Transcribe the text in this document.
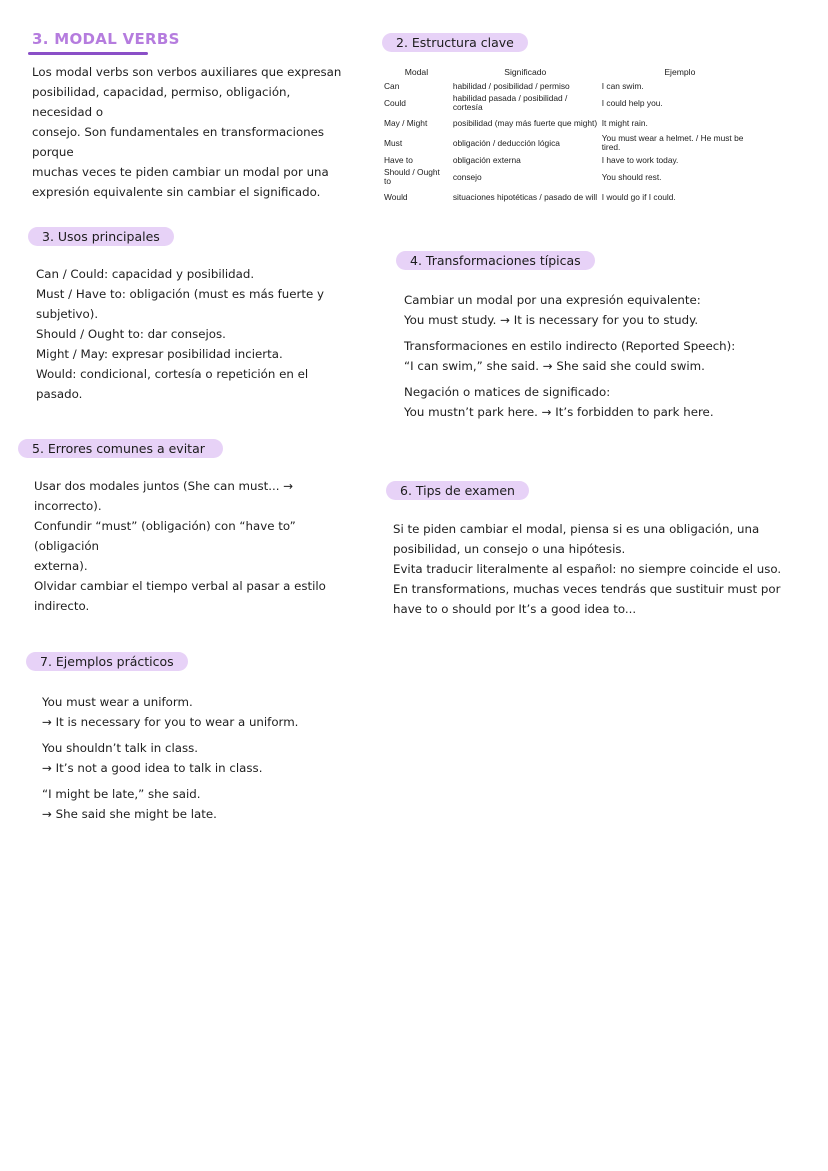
3. MODAL VERBS
Los modal verbs son verbos auxiliares que expresan
posibilidad, capacidad, permiso, obligación, necesidad o
consejo. Son fundamentales en transformaciones porque
muchas veces te piden cambiar un modal por una
expresión equivalente sin cambiar el significado.
2. Estructura clave
Modal	Significado	Ejemplo
Can	habilidad / posibilidad / permiso	I can swim.
Could	habilidad pasada / posibilidad / cortesía	I could help you.
May / Might	posibilidad (may más fuerte que might)	It might rain.
Must	obligación / deducción lógica	You must wear a helmet. / He must be tired.
Have to	obligación externa	I have to work today.
Should / Ought to	consejo	You should rest.
Would	situaciones hipotéticas / pasado de will	I would go if I could.
3. Usos principales
Can / Could: capacidad y posibilidad.
Must / Have to: obligación (must es más fuerte y
subjetivo).
Should / Ought to: dar consejos.
Might / May: expresar posibilidad incierta.
Would: condicional, cortesía o repetición en el pasado.
4. Transformaciones típicas
Cambiar un modal por una expresión equivalente:
You must study. → It is necessary for you to study.
Transformaciones en estilo indirecto (Reported Speech):
“I can swim,” she said. → She said she could swim.
Negación o matices de significado:
You mustn’t park here. → It’s forbidden to park here.
5. Errores comunes a evitar
Usar dos modales juntos (She can must... →
incorrecto).
Confundir “must” (obligación) con “have to” (obligación
externa).
Olvidar cambiar el tiempo verbal al pasar a estilo
indirecto.
6. Tips de examen
Si te piden cambiar el modal, piensa si es una obligación, una
posibilidad, un consejo o una hipótesis.
Evita traducir literalmente al español: no siempre coincide el uso.
En transformations, muchas veces tendrás que sustituir must por
have to o should por It’s a good idea to...
7. Ejemplos prácticos
You must wear a uniform.
→ It is necessary for you to wear a uniform.
You shouldn’t talk in class.
→ It’s not a good idea to talk in class.
“I might be late,” she said.
→ She said she might be late.
